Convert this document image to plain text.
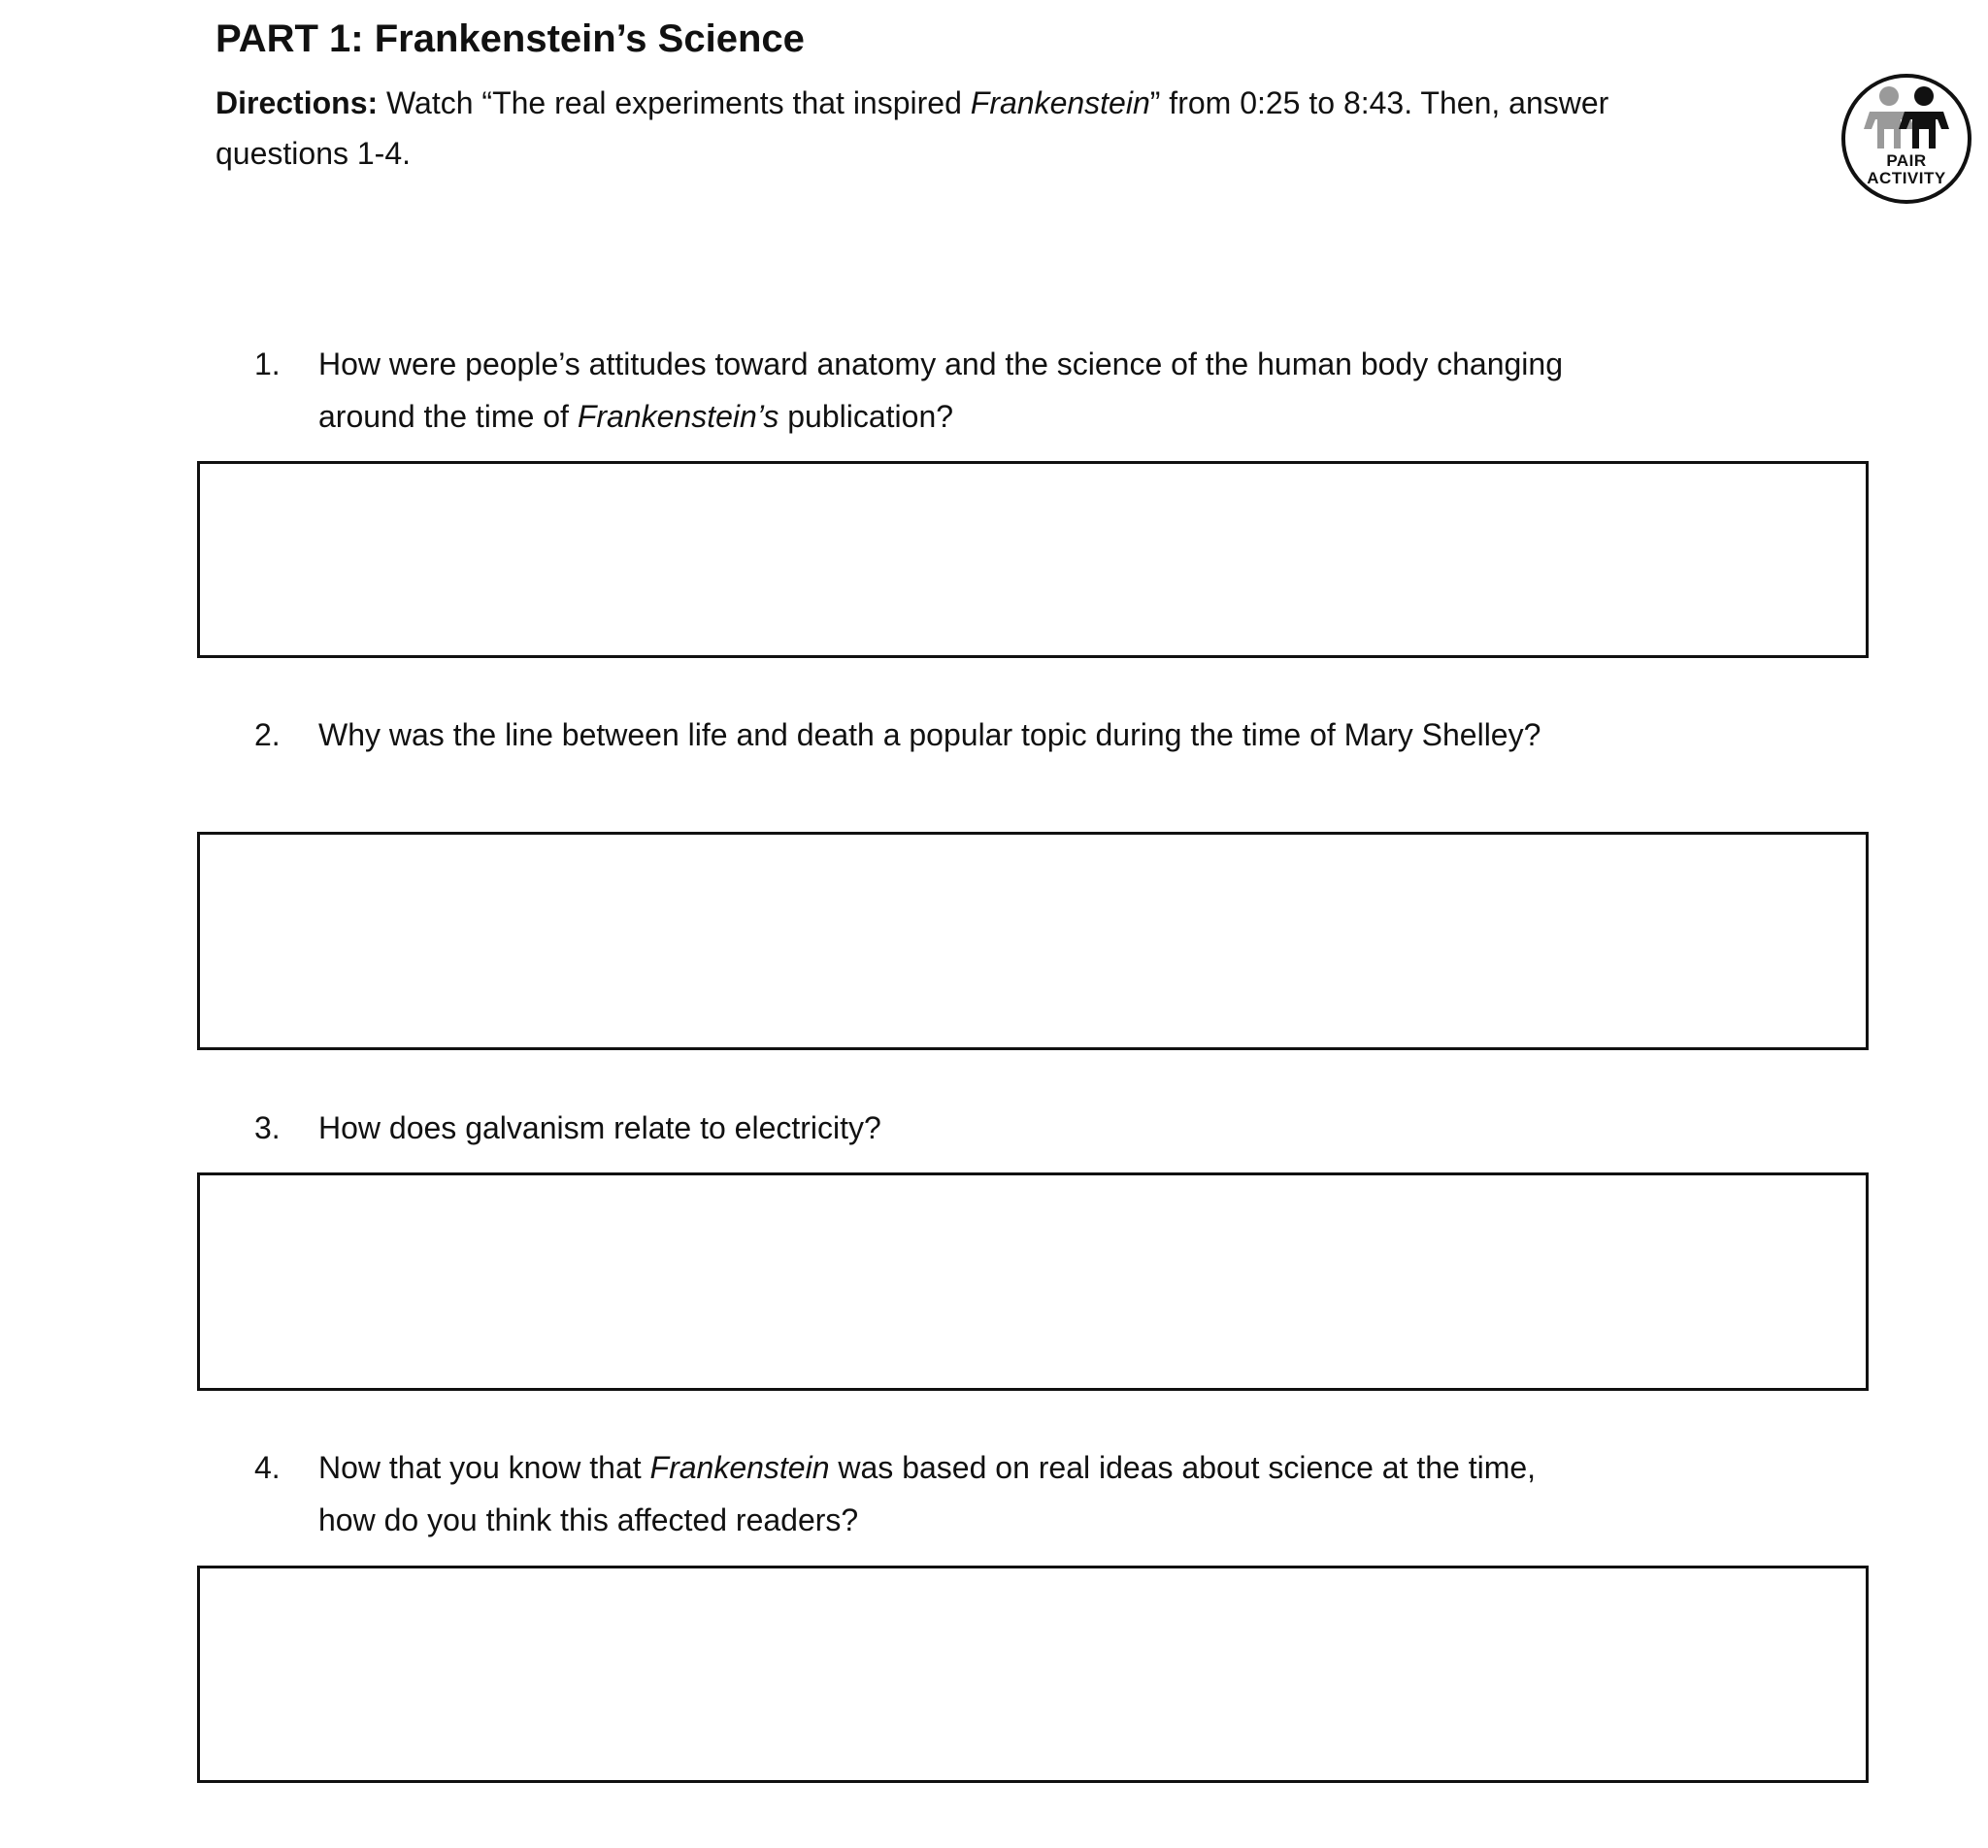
PART 1: Frankenstein’s Science

Directions: Watch “The real experiments that inspired Frankenstein” from 0:25 to 8:43. Then, answer questions 1-4.	PAIR
ACTIVITY
1. How were people’s attitudes toward anatomy and the science of the human body changing around the time of Frankenstein’s publication?
2. Why was the line between life and death a popular topic during the time of Mary Shelley?
3. How does galvanism relate to electricity?
4. Now that you know that Frankenstein was based on real ideas about science at the time, how do you think this affected readers?
